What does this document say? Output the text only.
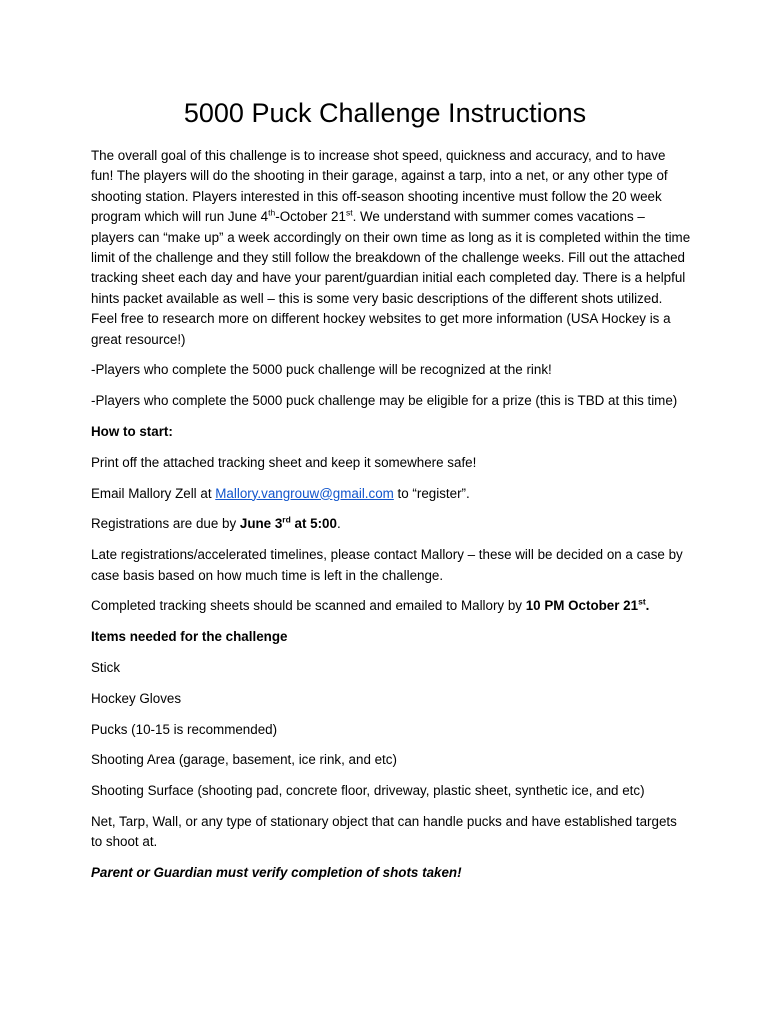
5000 Puck Challenge Instructions

The overall goal of this challenge is to increase shot speed, quickness and accuracy, and to have fun! The players will do the shooting in their garage, against a tarp, into a net, or any other type of shooting station. Players interested in this off-season shooting incentive must follow the 20 week program which will run June 4th-October 21st. We understand with summer comes vacations – players can “make up” a week accordingly on their own time as long as it is completed within the time limit of the challenge and they still follow the breakdown of the challenge weeks. Fill out the attached tracking sheet each day and have your parent/guardian initial each completed day. There is a helpful hints packet available as well – this is some very basic descriptions of the different shots utilized. Feel free to research more on different hockey websites to get more information (USA Hockey is a great resource!)

-Players who complete the 5000 puck challenge will be recognized at the rink!

-Players who complete the 5000 puck challenge may be eligible for a prize (this is TBD at this time)

How to start:

Print off the attached tracking sheet and keep it somewhere safe!

Email Mallory Zell at Mallory.vangrouw@gmail.com to “register”.

Registrations are due by June 3rd at 5:00.

Late registrations/accelerated timelines, please contact Mallory – these will be decided on a case by case basis based on how much time is left in the challenge.

Completed tracking sheets should be scanned and emailed to Mallory by 10 PM October 21st.

Items needed for the challenge

Stick

Hockey Gloves

Pucks (10-15 is recommended)

Shooting Area (garage, basement, ice rink, and etc)

Shooting Surface (shooting pad, concrete floor, driveway, plastic sheet, synthetic ice, and etc)

Net, Tarp, Wall, or any type of stationary object that can handle pucks and have established targets to shoot at.

Parent or Guardian must verify completion of shots taken!
